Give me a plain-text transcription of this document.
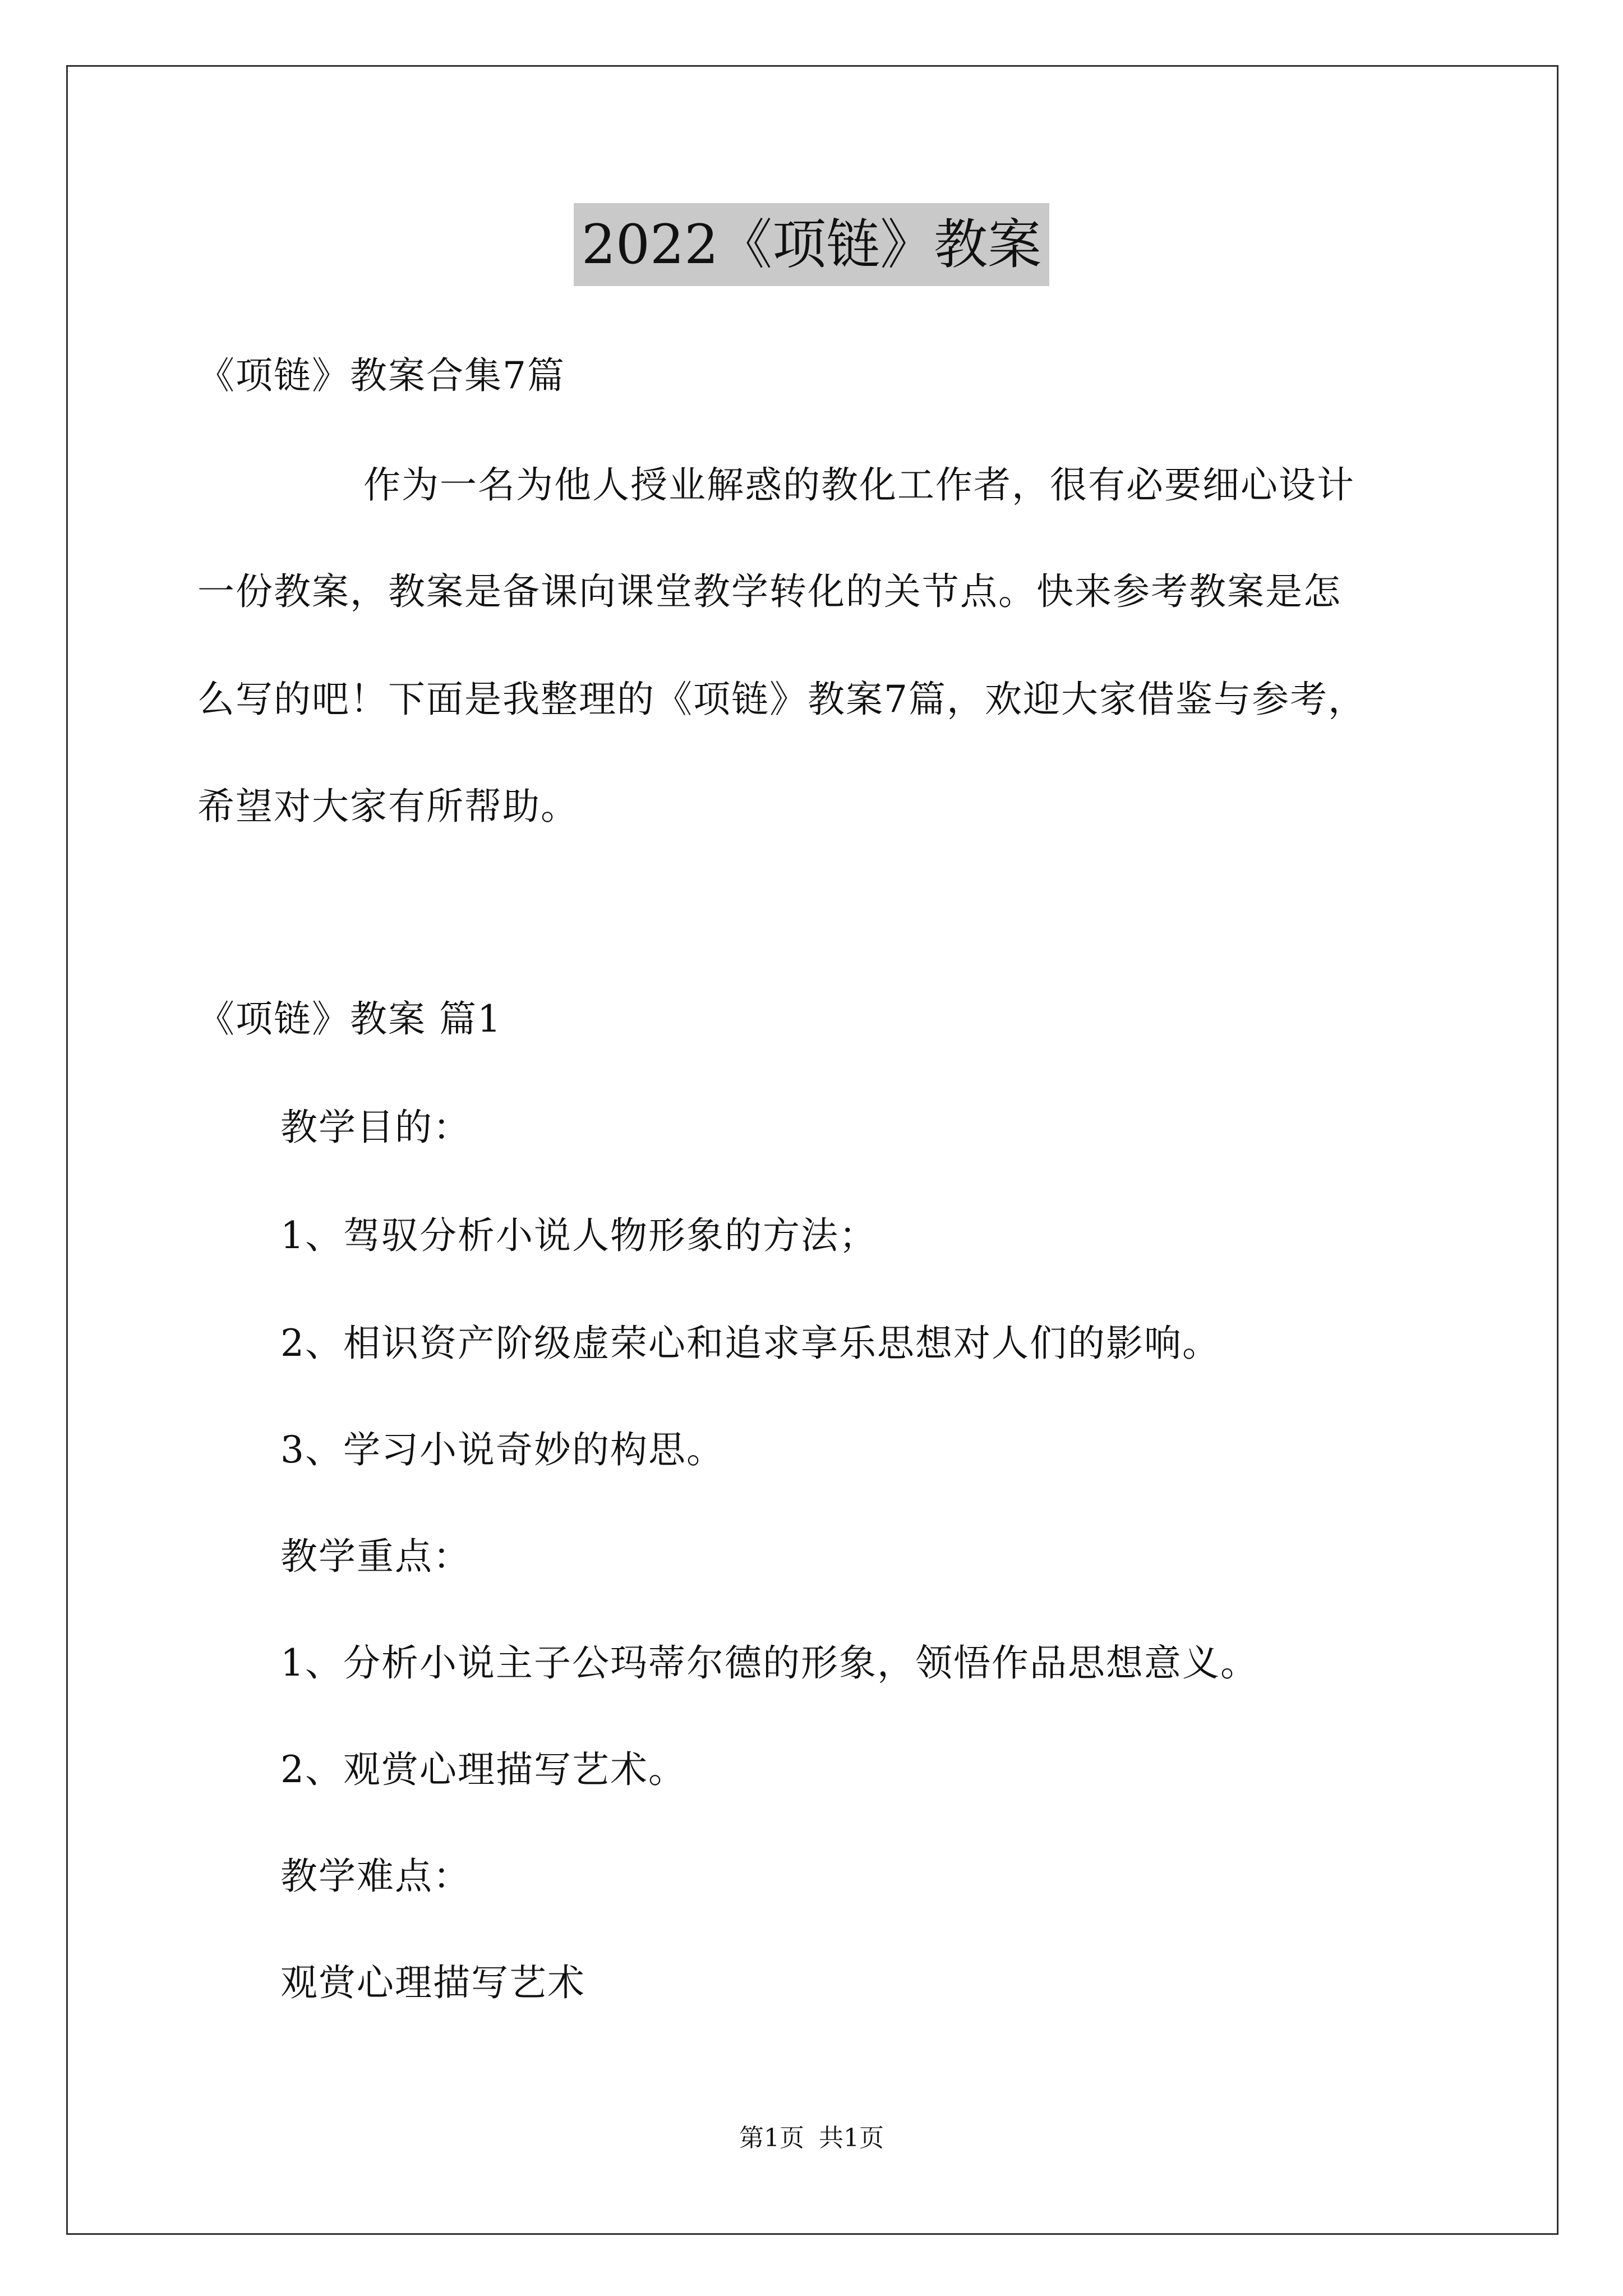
2022《项链》教案
《项链》教案合集7篇
作为一名为他人授业解惑的教化工作者，很有必要细心设计
一份教案，教案是备课向课堂教学转化的关节点。快来参考教案是怎
么写的吧！下面是我整理的《项链》教案7篇，欢迎大家借鉴与参考，
希望对大家有所帮助。
《项链》教案 篇1
教学目的：
1、驾驭分析小说人物形象的方法；
2、相识资产阶级虚荣心和追求享乐思想对人们的影响。
3、学习小说奇妙的构思。
教学重点：
1、分析小说主子公玛蒂尔德的形象，领悟作品思想意义。
2、观赏心理描写艺术。
教学难点：
观赏心理描写艺术
第1页 共1页
